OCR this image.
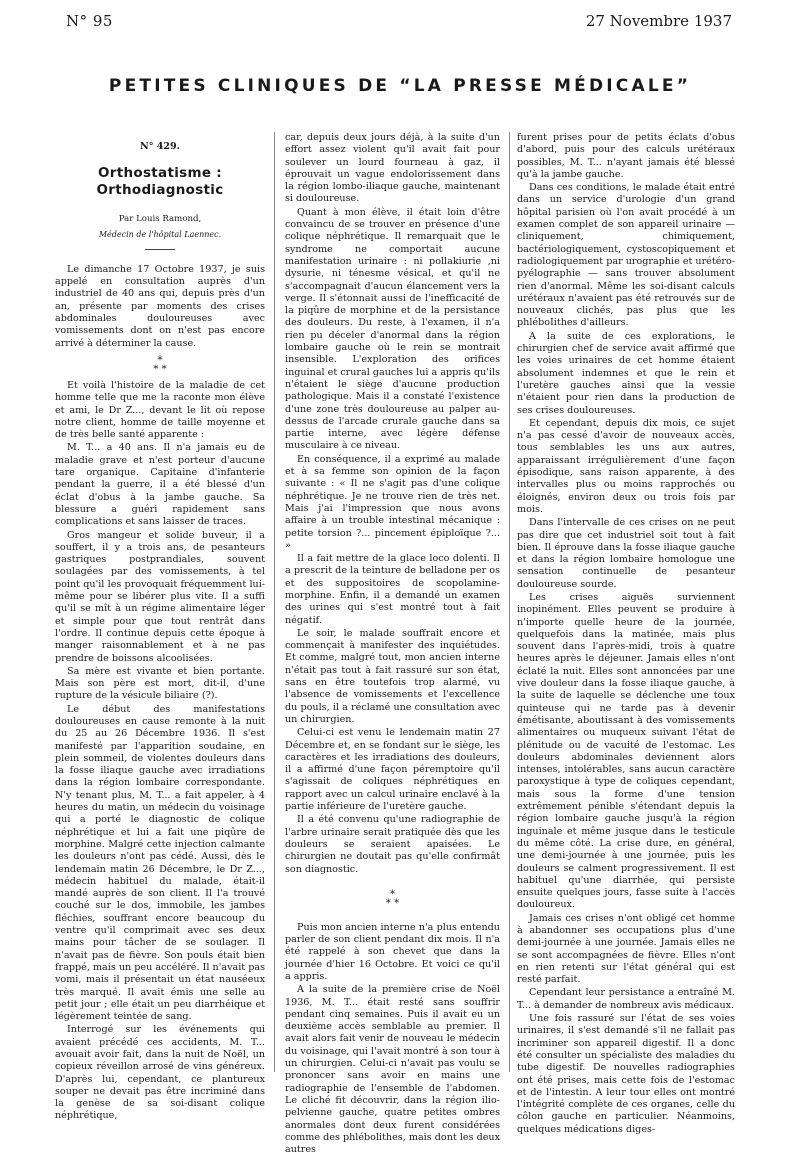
N° 95	27 Novembre 1937
PETITES CLINIQUES DE “LA PRESSE MÉDICALE”
N° 429.
Orthostatisme :
Orthodiagnostic
Par Louis Ramond,
Médecin de l'hôpital Laennec.

Le dimanche 17 Octobre 1937, je suis appelé en consultation auprès d'un industriel de 40 ans qui, depuis près d'un an, présente par moments des crises abdominales douloureuses avec vomissements dont on n'est pas encore arrivé à déterminer la cause.

*
* *

Et voilà l'histoire de la maladie de cet homme telle que me la raconte mon élève et ami, le Dr Z..., devant le lit où repose notre client, homme de taille moyenne et de très belle santé apparente :

M. T... a 40 ans. Il n'a jamais eu de maladie grave et n'est porteur d'aucune tare organique. Capitaine d'infanterie pendant la guerre, il a été blessé d'un éclat d'obus à la jambe gauche. Sa blessure a guéri rapidement sans complications et sans laisser de traces.

Gros mangeur et solide buveur, il a souffert, il y a trois ans, de pesanteurs gastriques postprandiales, souvent soulagées par des vomissements, à tel point qu'il les provoquait fréquemment lui-même pour se libérer plus vite. Il a suffi qu'il se mît à un régime alimentaire léger et simple pour que tout rentrât dans l'ordre. Il continue depuis cette époque à manger raisonnablement et à ne pas prendre de boissons alcoolisées.

Sa mère est vivante et bien portante. Mais son père est mort, dit-il, d'une rupture de la vésicule biliaire (?).

Le début des manifestations douloureuses en cause remonte à la nuit du 25 au 26 Décembre 1936. Il s'est manifesté par l'apparition soudaine, en plein sommeil, de violentes douleurs dans la fosse iliaque gauche avec irradiations dans la région lombaire correspondante. N'y tenant plus, M. T... a fait appeler, à 4 heures du matin, un médecin du voisinage qui a porté le diagnostic de colique néphrétique et lui a fait une piqûre de morphine. Malgré cette injection calmante les douleurs n'ont pas cédé. Aussi, dès le lendemain matin 26 Décembre, le Dr Z..., médecin habituel du malade, était-il mandé auprès de son client. Il l'a trouvé couché sur le dos, immobile, les jambes fléchies, souffrant encore beaucoup du ventre qu'il comprimait avec ses deux mains pour tâcher de se soulager. Il n'avait pas de fièvre. Son pouls était bien frappé, mais un peu accéléré. Il n'avait pas vomi, mais il présentait un état nauséeux très marqué. Il avait émis une selle au petit jour ; elle était un peu diarrhéique et légèrement teintée de sang.

Interrogé sur les événements qui avaient précédé ces accidents, M. T... avouait avoir fait, dans la nuit de Noël, un copieux réveillon arrosé de vins généreux. D'après lui, cependant, ce plantureux souper ne devait pas être incriminé dans la genèse de sa soi-disant colique néphrétique,

car, depuis deux jours déjà, à la suite d'un effort assez violent qu'il avait fait pour soulever un lourd fourneau à gaz, il éprouvait un vague endolorissement dans la région lombo-iliaque gauche, maintenant si douloureuse.

Quant à mon élève, il était loin d'être convaincu de se trouver en présence d'une colique néphrétique. Il remarquait que le syndrome ne comportait aucune manifestation urinaire : ni pollakiurie ,ni dysurie, ni ténesme vésical, et qu'il ne s'accompagnait d'aucun élancement vers la verge. Il s'étonnait aussi de l'inefficacité de la piqûre de morphine et de la persistance des douleurs. Du reste, à l'examen, il n'a rien pu déceler d'anormal dans la région lombaire gauche où le rein se montrait insensible. L'exploration des orifices inguinal et crural gauches lui a appris qu'ils n'étaient le siège d'aucune production pathologique. Mais il a constaté l'existence d'une zone très douloureuse au palper au-dessus de l'arcade crurale gauche dans sa partie interne, avec légère défense musculaire à ce niveau.

En conséquence, il a exprimé au malade et à sa femme son opinion de la façon suivante : « Il ne s'agit pas d'une colique néphrétique. Je ne trouve rien de très net. Mais j'ai l'impression que nous avons affaire à un trouble intestinal mécanique : petite torsion ?... pincement épiploïque ?... »

Il a fait mettre de la glace loco dolenti. Il a prescrit de la teinture de belladone per os et des suppositoires de scopolamine-morphine. Enfin, il a demandé un examen des urines qui s'est montré tout à fait négatif.

Le soir, le malade souffrait encore et commençait à manifester des inquiétudes. Et comme, malgré tout, mon ancien interne n'était pas tout à fait rassuré sur son état, sans en être toutefois trop alarmé, vu l'absence de vomissements et l'excellence du pouls, il a réclamé une consultation avec un chirurgien.

Celui-ci est venu le lendemain matin 27 Décembre et, en se fondant sur le siège, les caractères et les irradiations des douleurs, il a affirmé d'une façon péremptoire qu'il s'agissait de coliques néphrétiques en rapport avec un calcul urinaire enclavé à la partie inférieure de l'uretère gauche.

Il a été convenu qu'une radiographie de l'arbre urinaire serait pratiquée dès que les douleurs se seraient apaisées. Le chirurgien ne doutait pas qu'elle confirmât son diagnostic.

*
* *

Puis mon ancien interne n'a plus entendu parler de son client pendant dix mois. Il n'a été rappelé à son chevet que dans la journée d'hier 16 Octobre. Et voici ce qu'il a appris.

A la suite de la première crise de Noël 1936, M. T... était resté sans souffrir pendant cinq semaines. Puis il avait eu un deuxième accès semblable au premier. Il avait alors fait venir de nouveau le médecin du voisinage, qui l'avait montré à son tour à un chirurgien. Celui-ci n'avait pas voulu se prononcer sans avoir en mains une radiographie de l'ensemble de l'abdomen. Le cliché fit découvrir, dans la région ilio-pelvienne gauche, quatre petites ombres anormales dont deux furent considérées comme des phlébolithes, mais dont les deux autres

furent prises pour de petits éclats d'obus d'abord, puis pour des calculs urétéraux possibles, M. T... n'ayant jamais été blessé qu'à la jambe gauche.

Dans ces conditions, le malade était entré dans un service d'urologie d'un grand hôpital parisien où l'on avait procédé à un examen complet de son appareil urinaire — cliniquement, chimiquement, bactériologiquement, cystoscopiquement et radiologiquement par urographie et urétéro-pyélographie — sans trouver absolument rien d'anormal. Même les soi-disant calculs urétéraux n'avaient pas été retrouvés sur de nouveaux clichés, pas plus que les phléboIithes d'ailleurs.

A la suite de ces explorations, le chirurgien chef de service avait affirmé que les voies urinaires de cet homme étaient absolument indemnes et que le rein et l'uretère gauches ainsi que la vessie n'étaient pour rien dans la production de ses crises douloureuses.

Et cependant, depuis dix mois, ce sujet n'a pas cessé d'avoir de nouveaux accès, tous semblables les uns aux autres, apparaissant irrégulièrement d'une façon épisodique, sans raison apparente, à des intervalles plus ou moins rapprochés ou éloignés, environ deux ou trois fois par mois.

Dans l'intervalle de ces crises on ne peut pas dire que cet industriel soit tout à fait bien. Il éprouve dans la fosse iliaque gauche et dans la région lombaire homologue une sensation continuelle de pesanteur douloureuse sourde.

Les crises aiguës surviennent inopinément. Elles peuvent se produire à n'importe quelle heure de la journée, quelquefois dans la matinée, mais plus souvent dans l'après-midi, trois à quatre heures après le déjeuner. Jamais elles n'ont éclaté la nuit. Elles sont annoncées par une vive douleur dans la fosse iliaque gauche, à la suite de laquelle se déclenche une toux quinteuse qui ne tarde pas à devenir émétisante, aboutissant à des vomissements alimentaires ou muqueux suivant l'état de plénitude ou de vacuité de l'estomac. Les douleurs abdominales deviennent alors intenses, intolérables, sans aucun caractère paroxystique à type de coliques cependant, mais sous la forme d'une tension extrêmement pénible s'étendant depuis la région lombaire gauche jusqu'à la région inguinale et même jusque dans le testicule du même côté. La crise dure, en général, une demi-journée à une journée, puis les douleurs se calment progressivement. Il est habituel qu'une diarrhée, qui persiste ensuite quelques jours, fasse suite à l'accès douloureux.

Jamais ces crises n'ont obligé cet homme à abandonner ses occupations plus d'une demi-journée à une journée. Jamais elles ne se sont accompagnées de fièvre. Elles n'ont en rien retenti sur l'état général qui est resté parfait.

Cependant leur persistance a entraîné M. T... à demander de nombreux avis médicaux.

Une fois rassuré sur l'état de ses voies urinaires, il s'est demandé s'il ne fallait pas incriminer son appareil digestif. Il a donc été consulter un spécialiste des maladies du tube digestif. De nouvelles radiographies ont été prises, mais cette fois de l'estomac et de l'intestin. A leur tour elles ont montré l'intégrité complète de ces organes, celle du côlon gauche en particulier. Néanmoins, quelques médications diges-
